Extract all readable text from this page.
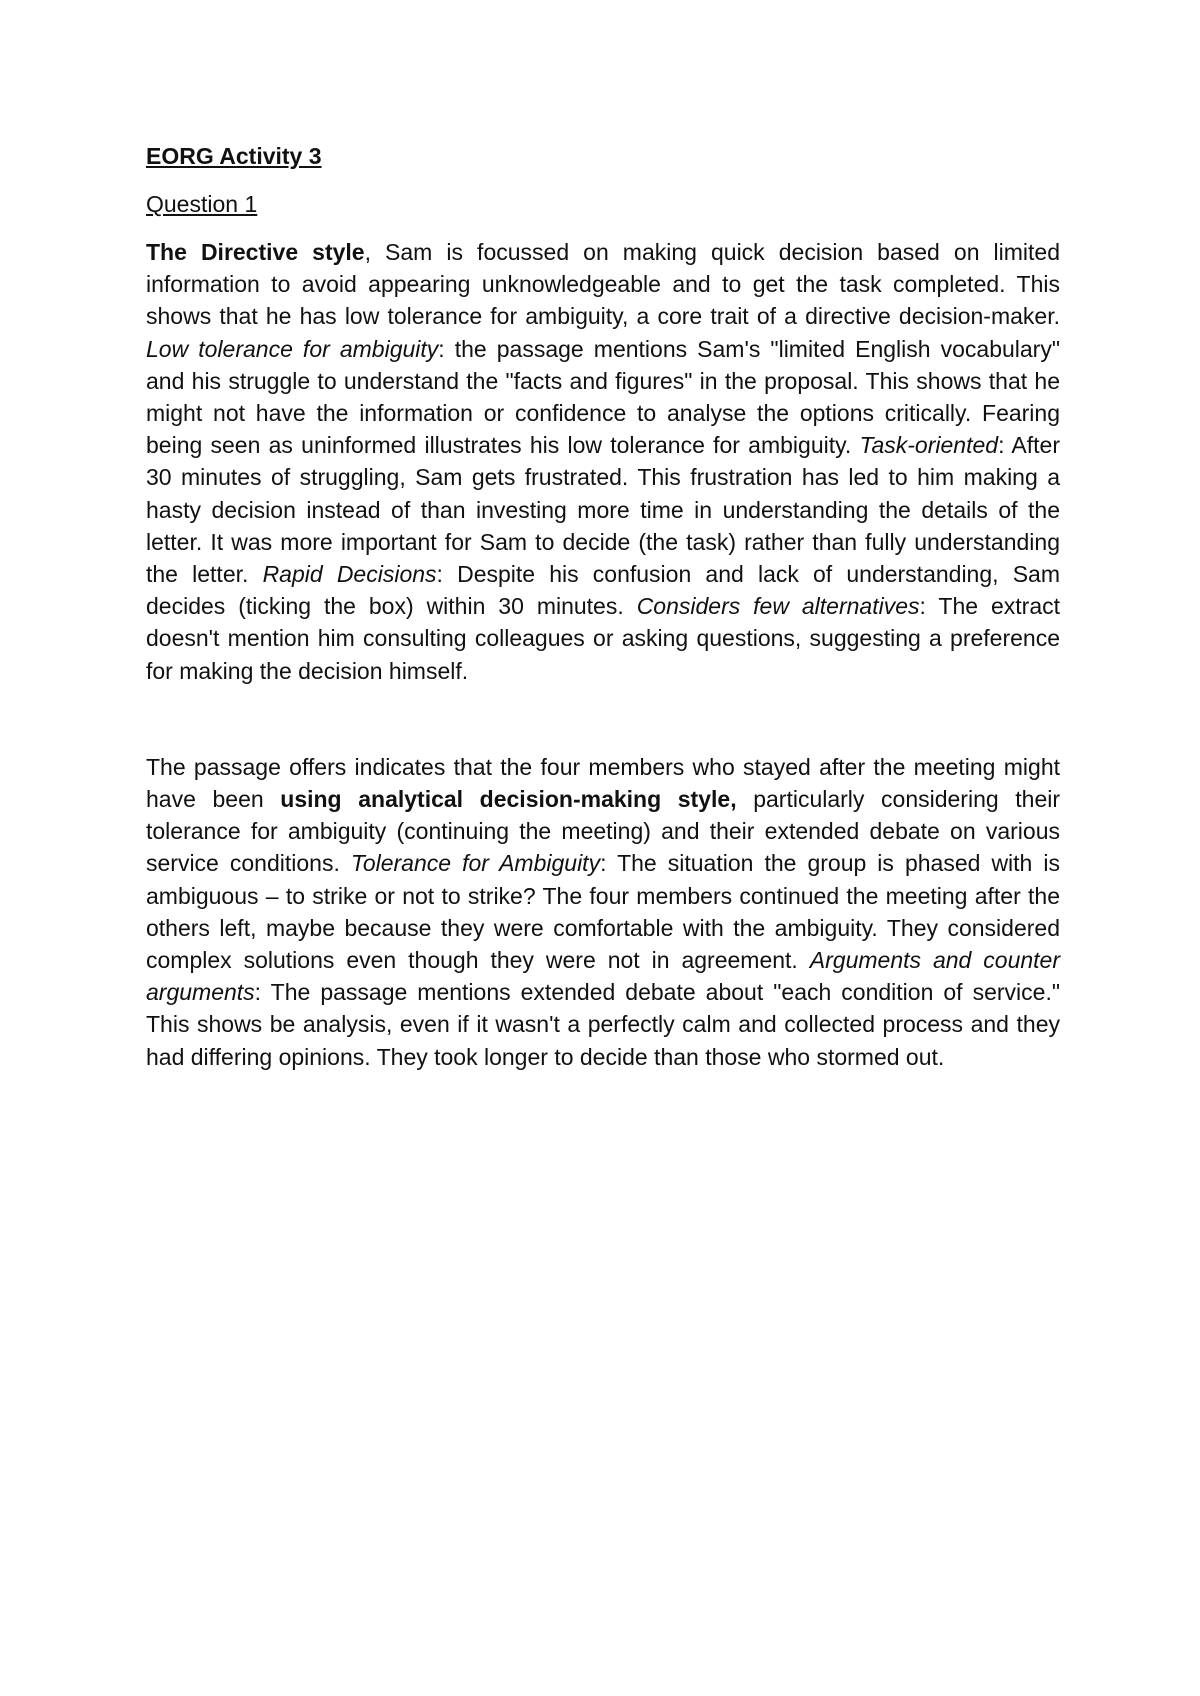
EORG Activity 3

Question 1

The Directive style, Sam is focussed on making quick decision based on limited information to avoid appearing unknowledgeable and to get the task completed. This shows that he has low tolerance for ambiguity, a core trait of a directive decision-maker. Low tolerance for ambiguity: the passage mentions Sam's "limited English vocabulary" and his struggle to understand the "facts and figures" in the proposal. This shows that he might not have the information or confidence to analyse the options critically. Fearing being seen as uninformed illustrates his low tolerance for ambiguity. Task-oriented: After 30 minutes of struggling, Sam gets frustrated. This frustration has led to him making a hasty decision instead of than investing more time in understanding the details of the letter. It was more important for Sam to decide (the task) rather than fully understanding the letter. Rapid Decisions: Despite his confusion and lack of understanding, Sam decides (ticking the box) within 30 minutes. Considers few alternatives: The extract doesn't mention him consulting colleagues or asking questions, suggesting a preference for making the decision himself.

The passage offers indicates that the four members who stayed after the meeting might have been using analytical decision-making style, particularly considering their tolerance for ambiguity (continuing the meeting) and their extended debate on various service conditions. Tolerance for Ambiguity: The situation the group is phased with is ambiguous – to strike or not to strike? The four members continued the meeting after the others left, maybe because they were comfortable with the ambiguity. They considered complex solutions even though they were not in agreement. Arguments and counter arguments: The passage mentions extended debate about "each condition of service." This shows be analysis, even if it wasn't a perfectly calm and collected process and they had differing opinions. They took longer to decide than those who stormed out.
